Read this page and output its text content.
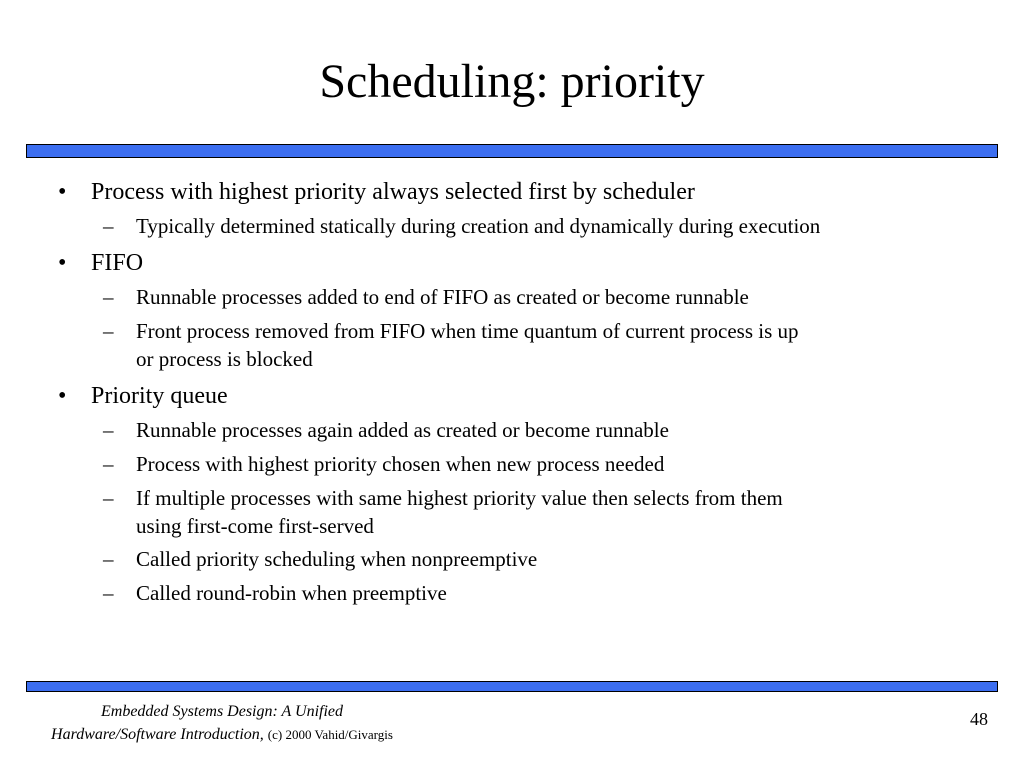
Scheduling: priority
• Process with highest priority always selected first by scheduler
– Typically determined statically during creation and dynamically during execution
• FIFO
– Runnable processes added to end of FIFO as created or become runnable
– Front process removed from FIFO when time quantum of current process is up
or process is blocked
• Priority queue
– Runnable processes again added as created or become runnable
– Process with highest priority chosen when new process needed
– If multiple processes with same highest priority value then selects from them
using first-come first-served
– Called priority scheduling when nonpreemptive
– Called round-robin when preemptive
Embedded Systems Design: A Unified
Hardware/Software Introduction, (c) 2000 Vahid/Givargis
48
